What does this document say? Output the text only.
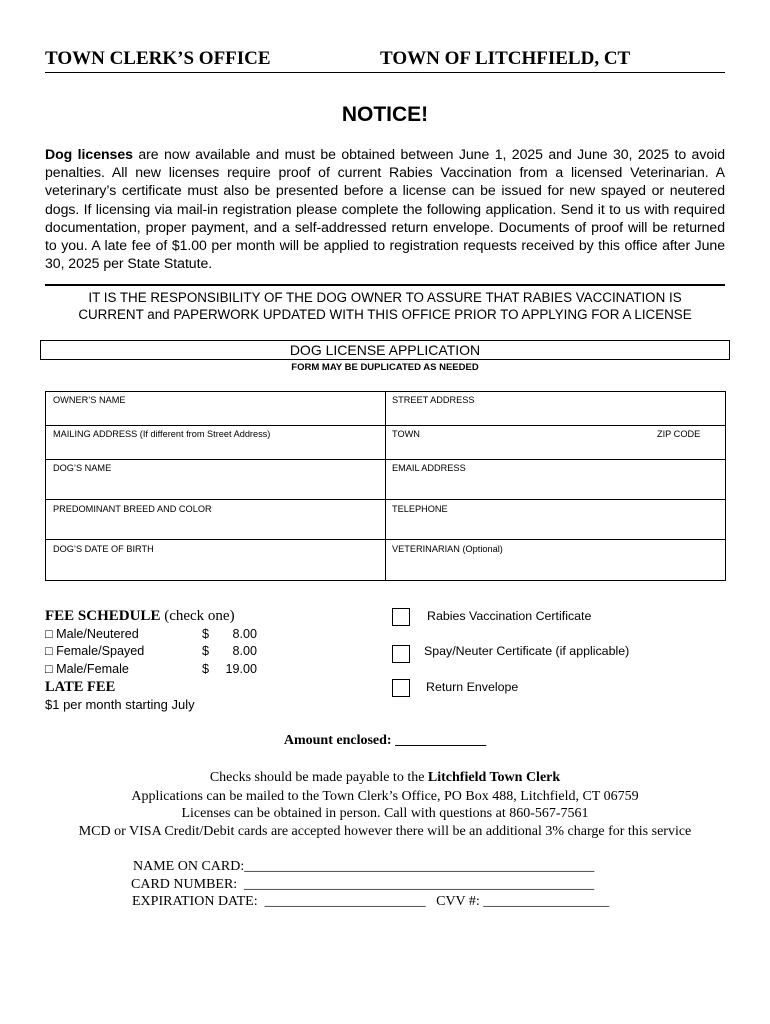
TOWN CLERK’S OFFICE	TOWN OF LITCHFIELD, CT
NOTICE!
Dog licenses are now available and must be obtained between June 1, 2025 and June 30, 2025 to avoid penalties. All new licenses require proof of current Rabies Vaccination from a licensed Veterinarian. A veterinary’s certificate must also be presented before a license can be issued for new spayed or neutered dogs. If licensing via mail-in registration please complete the following application. Send it to us with required documentation, proper payment, and a self-addressed return envelope. Documents of proof will be returned to you. A late fee of $1.00 per month will be applied to registration requests received by this office after June 30, 2025 per State Statute.
IT IS THE RESPONSIBILITY OF THE DOG OWNER TO ASSURE THAT RABIES VACCINATION IS
CURRENT and PAPERWORK UPDATED WITH THIS OFFICE PRIOR TO APPLYING FOR A LICENSE
DOG LICENSE APPLICATION
FORM MAY BE DUPLICATED AS NEEDED
OWNER’S NAME	STREET ADDRESS
MAILING ADDRESS (If different from Street Address)	TOWN	ZIP CODE
DOG’S NAME	EMAIL ADDRESS
PREDOMINANT BREED AND COLOR	TELEPHONE
DOG’S DATE OF BIRTH	VETERINARIAN (Optional)
FEE SCHEDULE (check one)
□ Male/Neutered	$	8.00
□ Female/Spayed	$	8.00
□ Male/Female	$	19.00
LATE FEE
$1 per month starting July
Rabies Vaccination Certificate
Spay/Neuter Certificate (if applicable)
Return Envelope
Amount enclosed: _____________
Checks should be made payable to the Litchfield Town Clerk
Applications can be mailed to the Town Clerk’s Office, PO Box 488, Litchfield, CT 06759
Licenses can be obtained in person. Call with questions at 860-567-7561
MCD or VISA Credit/Debit cards are accepted however there will be an additional 3% charge for this service
NAME ON CARD:__________________________________________________
CARD NUMBER:  __________________________________________________
EXPIRATION DATE:  _______________________   CVV #: __________________
